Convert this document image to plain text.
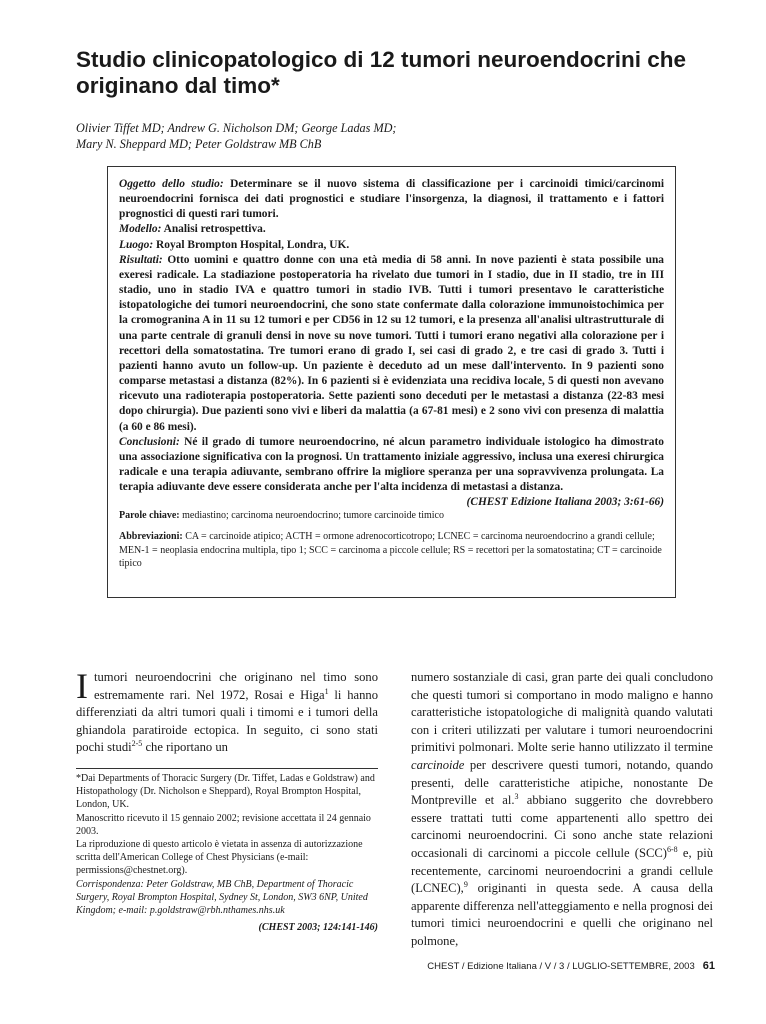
Studio clinicopatologico di 12 tumori neuroendocrini che originano dal timo*
Olivier Tiffet MD; Andrew G. Nicholson DM; George Ladas MD;
Mary N. Sheppard MD; Peter Goldstraw MB ChB

Oggetto dello studio: Determinare se il nuovo sistema di classificazione per i carcinoidi timici/carcinomi neuroendocrini fornisca dei dati prognostici e studiare l'insorgenza, la diagnosi, il trattamento e i fattori prognostici di questi rari tumori.

Modello: Analisi retrospettiva.

Luogo: Royal Brompton Hospital, Londra, UK.

Risultati: Otto uomini e quattro donne con una età media di 58 anni. In nove pazienti è stata possibile una exeresi radicale. La stadiazione postoperatoria ha rivelato due tumori in I stadio, due in II stadio, tre in III stadio, uno in stadio IVA e quattro tumori in stadio IVB. Tutti i tumori presentavo le caratteristiche istopatologiche dei tumori neuroendocrini, che sono state confermate dalla colorazione immunoistochimica per la cromogranina A in 11 su 12 tumori e per CD56 in 12 su 12 tumori, e la presenza all'analisi ultrastrutturale di una parte centrale di granuli densi in nove su nove tumori. Tutti i tumori erano negativi alla colorazione per i recettori della somatostatina. Tre tumori erano di grado I, sei casi di grado 2, e tre casi di grado 3. Tutti i pazienti hanno avuto un follow-up. Un paziente è deceduto ad un mese dall'intervento. In 9 pazienti sono comparse metastasi a distanza (82%). In 6 pazienti si è evidenziata una recidiva locale, 5 di questi non avevano ricevuto una radioterapia postoperatoria. Sette pazienti sono deceduti per le metastasi a distanza (22-83 mesi dopo chirurgia). Due pazienti sono vivi e liberi da malattia (a 67-81 mesi) e 2 sono vivi con presenza di malattia (a 60 e 86 mesi).

Conclusioni: Né il grado di tumore neuroendocrino, né alcun parametro individuale istologico ha dimostrato una associazione significativa con la prognosi. Un trattamento iniziale aggressivo, inclusa una exeresi chirurgica radicale e una terapia adiuvante, sembrano offrire la migliore speranza per una sopravvivenza prolungata. La terapia adiuvante deve essere considerata anche per l'alta incidenza di metastasi a distanza.
(CHEST Edizione Italiana 2003; 3:61-66)

Parole chiave: mediastino; carcinoma neuroendocrino; tumore carcinoide timico
Abbreviazioni: CA = carcinoide atipico; ACTH = ormone adrenocorticotropo; LCNEC = carcinoma neuroendocrino a grandi cellule; MEN-1 = neoplasia endocrina multipla, tipo 1; SCC = carcinoma a piccole cellule; RS = recettori per la somatostatina; CT = carcinoide tipico
Itumori neuroendocrini che originano nel timo sono estremamente rari. Nel 1972, Rosai e Higa$^1$ li hanno differenziati da altri tumori quali i timomi e i tumori della ghiandola paratiroide ectopica. In seguito, ci sono stati pochi studi$^{2-5}$ che riportano un

*Dai Departments of Thoracic Surgery (Dr. Tiffet, Ladas e Goldstraw) and Histopathology (Dr. Nicholson e Sheppard), Royal Brompton Hospital, London, UK.

Manoscritto ricevuto il 15 gennaio 2002; revisione accettata il 24 gennaio 2003.

La riproduzione di questo articolo è vietata in assenza di autorizzazione scritta dell'American College of Chest Physicians (e-mail: permissions@chestnet.org).

Corrispondenza: Peter Goldstraw, MB ChB, Department of Thoracic Surgery, Royal Brompton Hospital, Sydney St, London, SW3 6NP, United Kingdom; e-mail: p.goldstraw@rbh.nthames.nhs.uk

(CHEST 2003; 124:141-146)

numero sostanziale di casi, gran parte dei quali concludono che questi tumori si comportano in modo maligno e hanno caratteristiche istopatologiche di malignità quando valutati con i criteri utilizzati per valutare i tumori neuroendocrini primitivi polmonari. Molte serie hanno utilizzato il termine carcinoide per descrivere questi tumori, notando, quando presenti, delle caratteristiche atipiche, nonostante De Montpreville et al.$^3$ abbiano suggerito che dovrebbero essere trattati tutti come appartenenti allo spettro dei carcinomi neuroendocrini. Ci sono anche state relazioni occasionali di carcinomi a piccole cellule (SCC)$^{6-8}$ e, più recentemente, carcinomi neuroendocrini a grandi cellule (LCNEC),$^9$ originanti in questa sede. A causa della apparente differenza nell'atteggiamento e nella prognosi dei tumori timici neuroendocrini e quelli che originano nel polmone,
CHEST / Edizione Italiana / V / 3 / LUGLIO-SETTEMBRE, 2003 61
